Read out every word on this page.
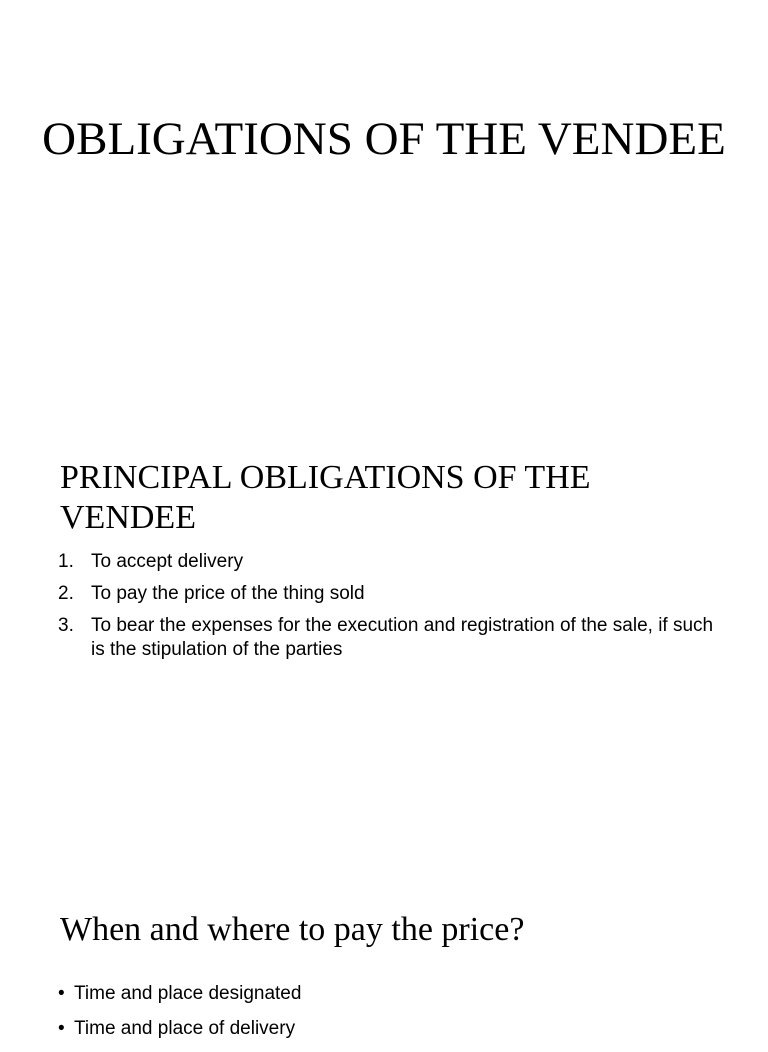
OBLIGATIONS OF THE VENDEE
PRINCIPAL OBLIGATIONS OF THE VENDEE
1. To accept delivery
2. To pay the price of the thing sold
3. To bear the expenses for the execution and registration of the sale, if such is the stipulation of the parties
When and where to pay the price?
• Time and place designated
• Time and place of delivery
